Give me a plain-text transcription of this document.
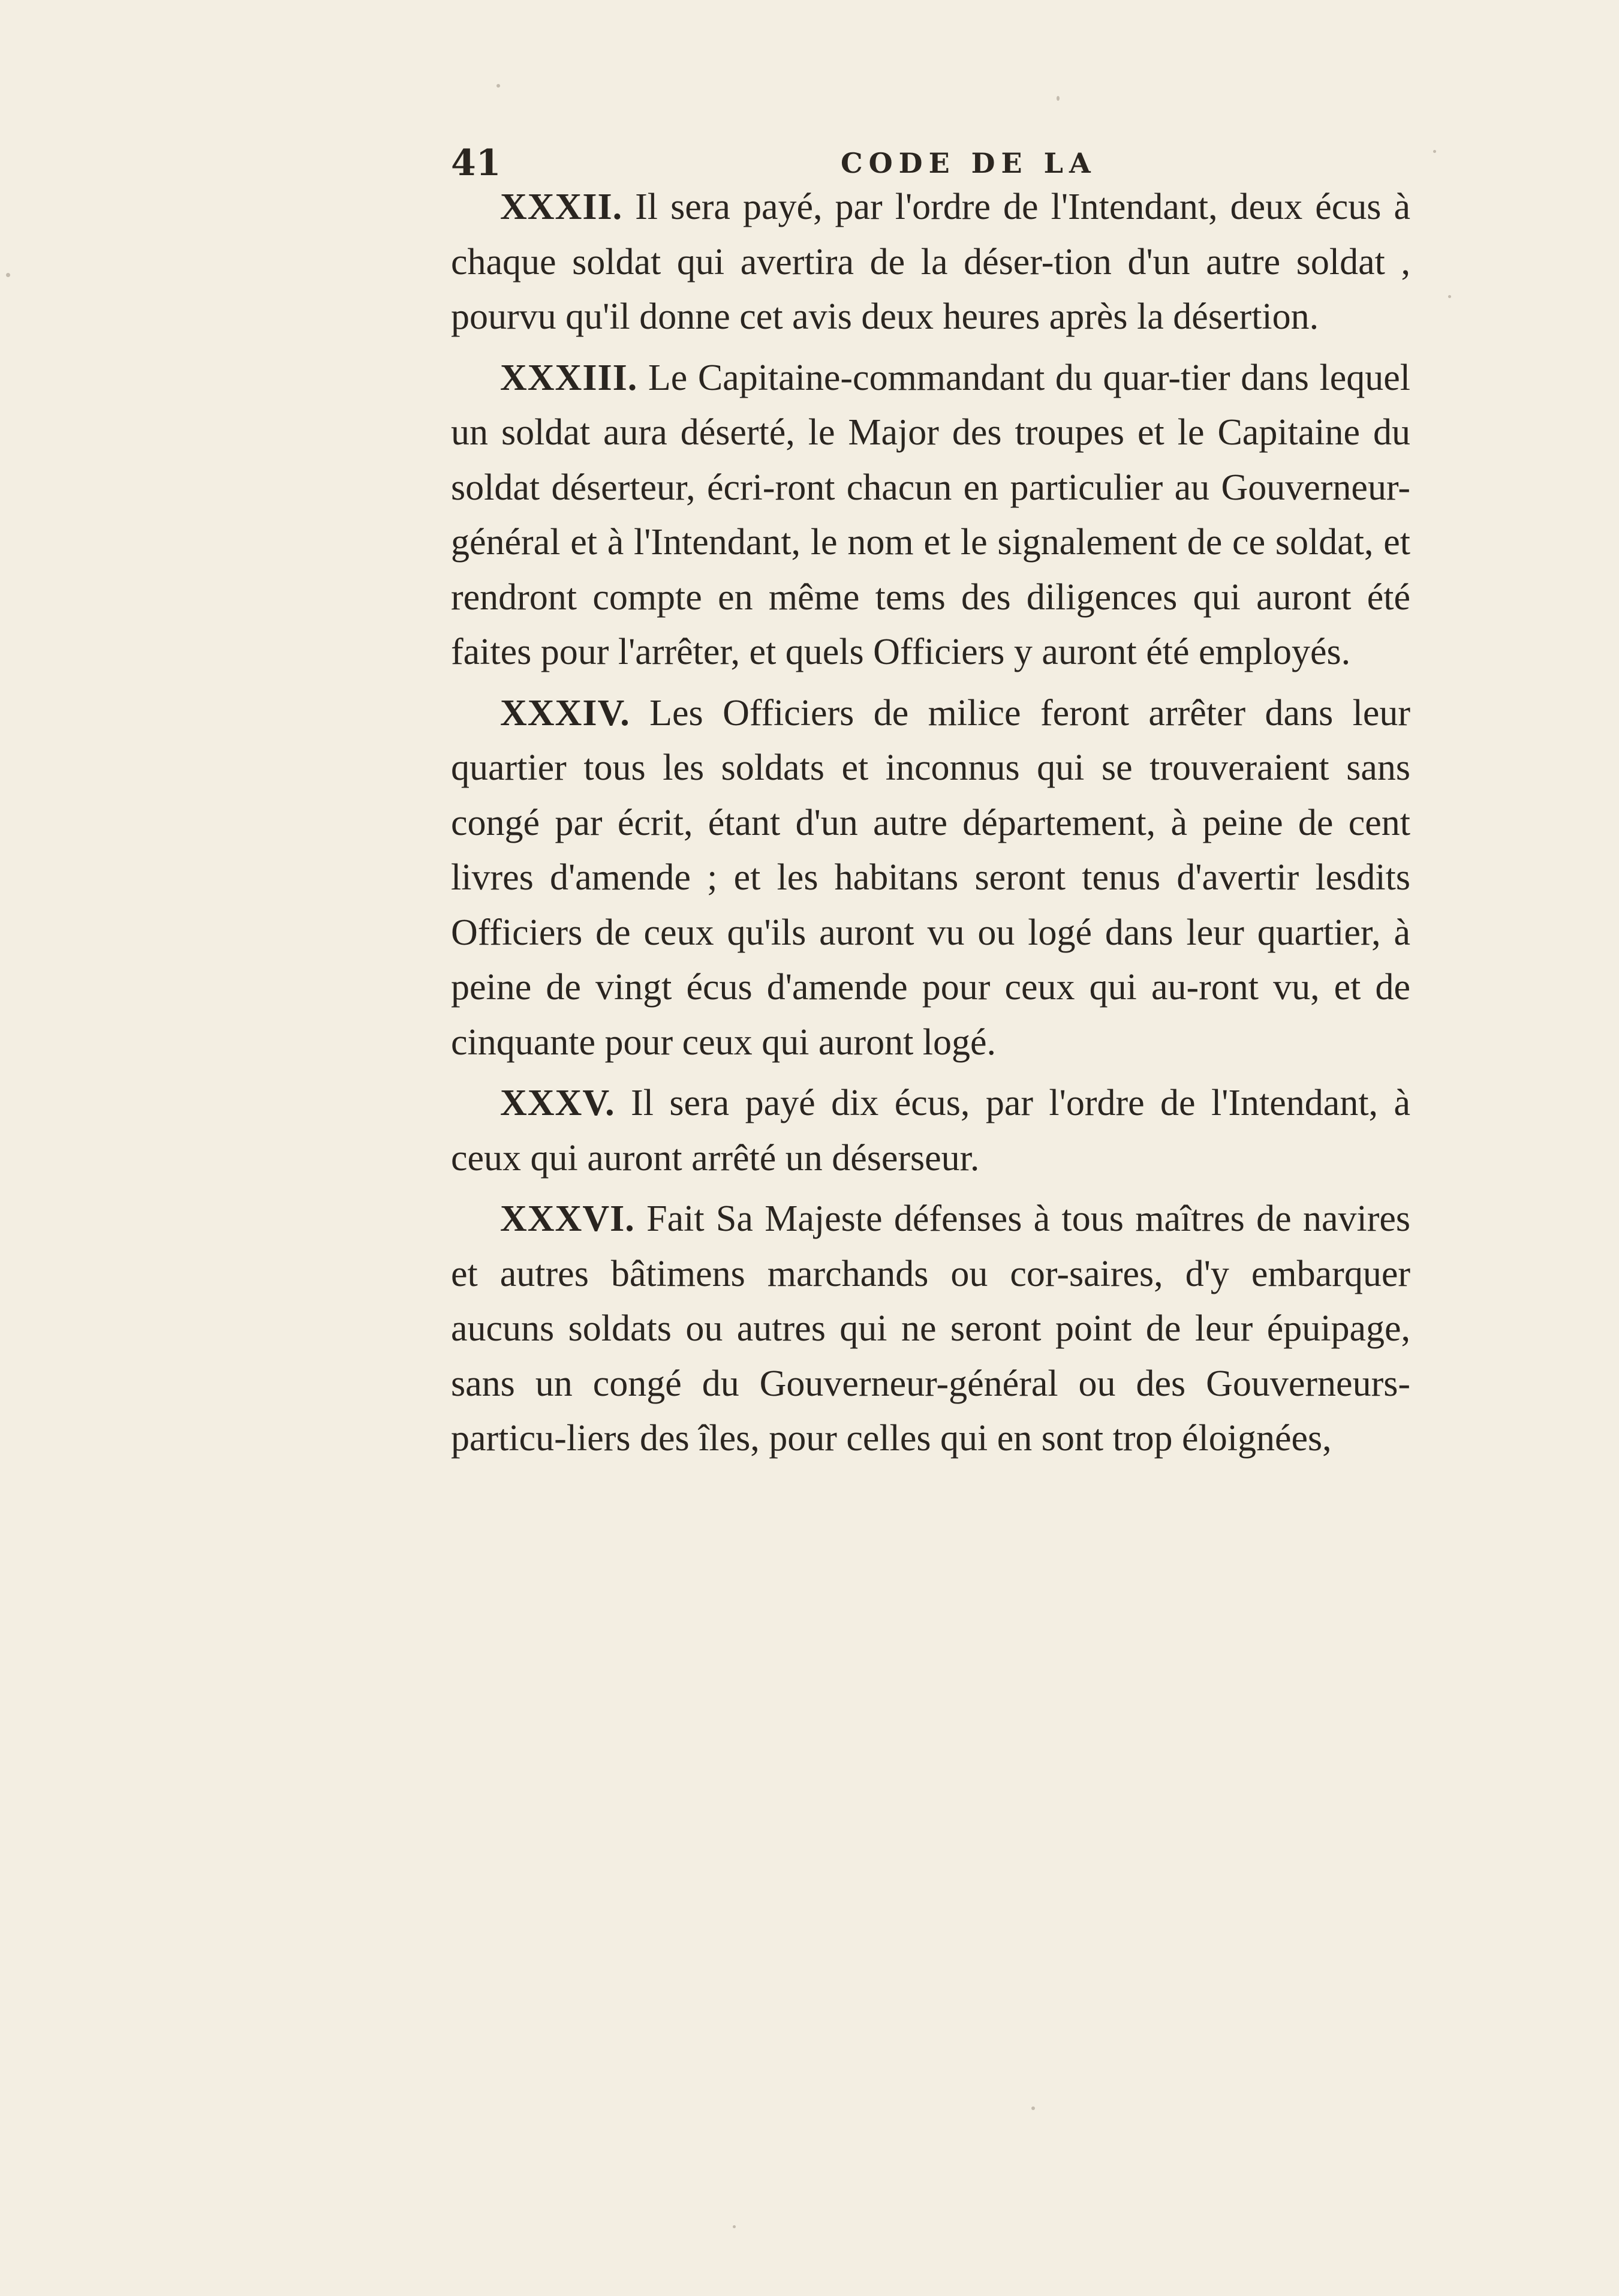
41	CODE DE LA

XXXII. Il sera payé, par l'ordre de l'Intendant, deux écus à chaque soldat qui avertira de la déser-tion d'un autre soldat , pourvu qu'il donne cet avis deux heures après la désertion.

XXXIII. Le Capitaine-commandant du quar-tier dans lequel un soldat aura déserté, le Major des troupes et le Capitaine du soldat déserteur, écri-ront chacun en particulier au Gouverneur-général et à l'Intendant, le nom et le signalement de ce soldat, et rendront compte en même tems des diligences qui auront été faites pour l'arrêter, et quels Officiers y auront été employés.

XXXIV. Les Officiers de milice feront arrêter dans leur quartier tous les soldats et inconnus qui se trouveraient sans congé par écrit, étant d'un autre département, à peine de cent livres d'amende ; et les habitans seront tenus d'avertir lesdits Officiers de ceux qu'ils auront vu ou logé dans leur quartier, à peine de vingt écus d'amende pour ceux qui au-ront vu, et de cinquante pour ceux qui auront logé.

XXXV. Il sera payé dix écus, par l'ordre de l'Intendant, à ceux qui auront arrêté un déserseur.

XXXVI. Fait Sa Majeste défenses à tous maîtres de navires et autres bâtimens marchands ou cor-saires, d'y embarquer aucuns soldats ou autres qui ne seront point de leur épuipage, sans un congé du Gouverneur-général ou des Gouverneurs-particu-liers des îles, pour celles qui en sont trop éloignées,
